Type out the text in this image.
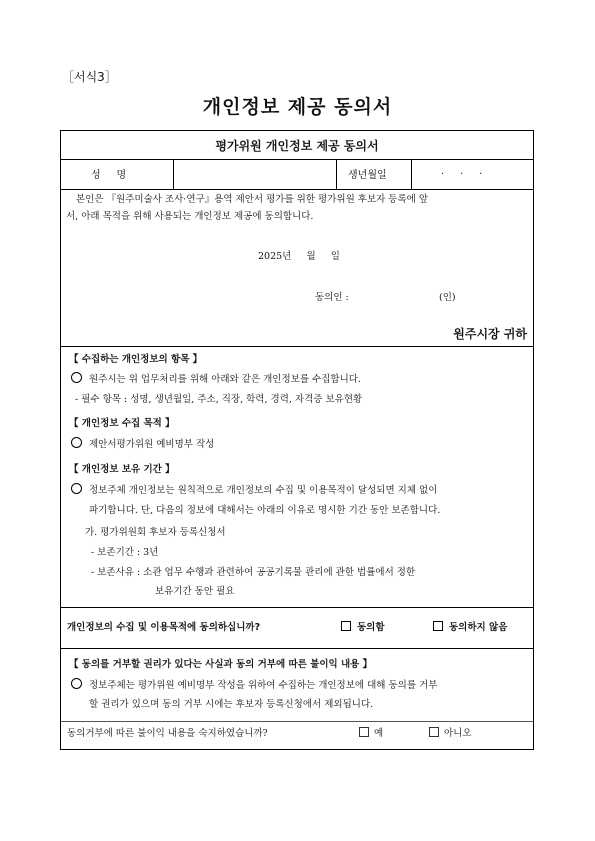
［서식3］
개인정보 제공 동의서
평가위원 개인정보 제공 동의서
성     명	생년월일	.     .     .
본인은 『원주미술사 조사·연구』용역 제안서 평가를 위한 평가위원 후보자 등록에 앞
서, 아래 목적을 위해 사용되는 개인정보 제공에 동의합니다.
2025년     월     일
동의인 :	(인)
원주시장 귀하
【 수집하는 개인정보의 항목 】
원주시는 위 업무처리를 위해 아래와 같은 개인정보를 수집합니다.
- 필수 항목 : 성명, 생년월일, 주소, 직장, 학력, 경력, 자격증 보유현황
【 개인정보 수집 목적 】
제안서평가위원 예비명부 작성
【 개인정보 보유 기간 】
정보주체 개인정보는 원칙적으로 개인정보의 수집 및 이용목적이 달성되면 지체 없이
파기합니다. 단, 다음의 정보에 대해서는 아래의 이유로 명시한 기간 동안 보존합니다.
가. 평가위원회 후보자 등록신청서
- 보존기간 : 3년
- 보존사유 : 소관 업무 수행과 관련하여 공공기록물 관리에 관한 법률에서 정한
보유기간 동안 필요
개인정보의 수집 및 이용목적에 동의하십니까?	동의함	동의하지 않음
【 동의를 거부할 권리가 있다는 사실과 동의 거부에 따른 불이익 내용 】
정보주체는 평가위원 예비명부 작성을 위하여 수집하는 개인정보에 대해 동의를 거부
할 권리가 있으며 동의 거부 시에는 후보자 등록신청에서 제외됩니다.
동의거부에 따른 불이익 내용을 숙지하였습니까?	예	아니오
